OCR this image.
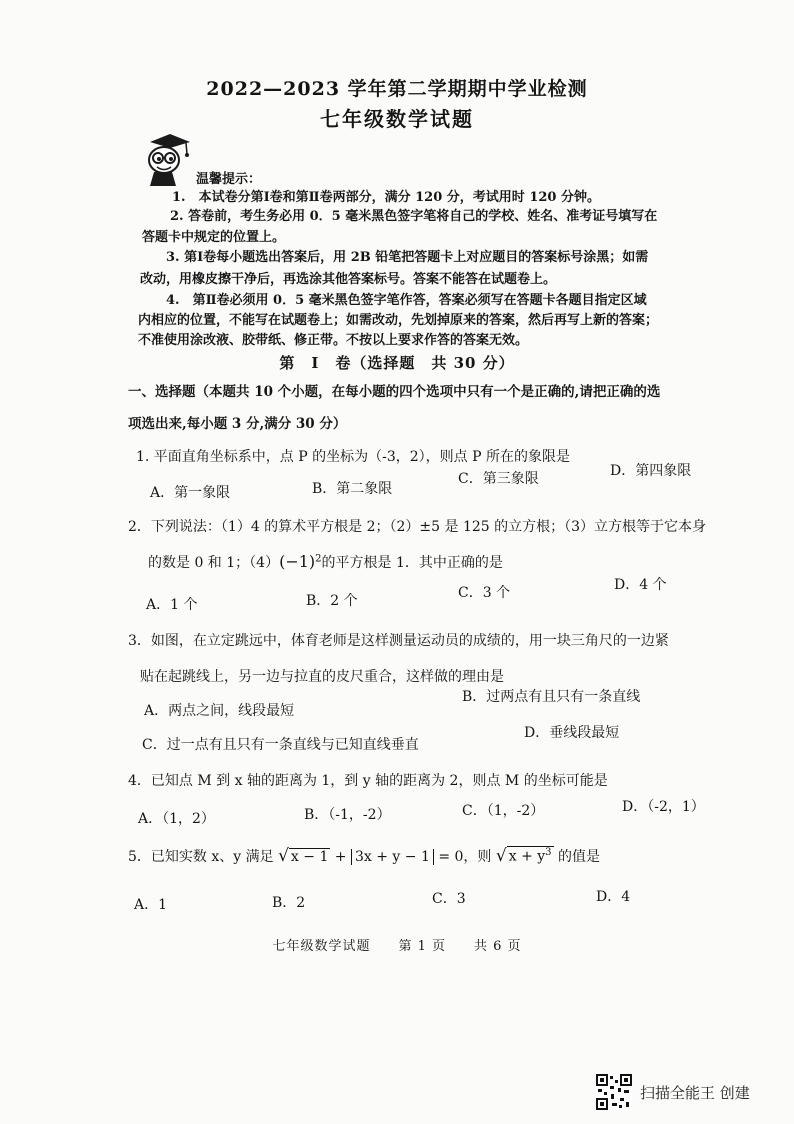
2022—2023 学年第二学期期中学业检测
七年级数学试题
温馨提示：
1.　本试卷分第Ⅰ卷和第Ⅱ卷两部分，满分 120 分，考试用时 120 分钟。
2. 答卷前，考生务必用 0．5 毫米黑色签字笔将自己的学校、姓名、准考证号填写在
答题卡中规定的位置上。
3. 第Ⅰ卷每小题选出答案后，用 2B 铅笔把答题卡上对应题目的答案标号涂黑；如需
改动，用橡皮擦干净后，再选涂其他答案标号。答案不能答在试题卷上。
4.　第Ⅱ卷必须用 0．5 毫米黑色签字笔作答，答案必须写在答题卡各题目指定区域
内相应的位置，不能写在试题卷上；如需改动，先划掉原来的答案，然后再写上新的答案；
第　Ⅰ　卷（选择题　共 30 分）
不准使用涂改液、胶带纸、修正带。不按以上要求作答的答案无效。
一、选择题（本题共 10 个小题，在每小题的四个选项中只有一个是正确的,请把正确的选
项选出来,每小题 3 分,满分 30 分）
1. 平面直角坐标系中，点 P 的坐标为（-3，2），则点 P 所在的象限是
A．第一象限	B．第二象限
C．第三象限	D．第四象限
2．下列说法：（1）4 的算术平方根是 2；（2）±5 是 125 的立方根；（3）立方根等于它本身
的数是 0 和 1；$(4)(-1)^2$的平方根是 1．其中正确的是
A．1 个	B．2 个	C．3 个	D．4 个
3．如图，在立定跳远中，体育老师是这样测量运动员的成绩的，用一块三角尺的一边紧
贴在起跳线上，另一边与拉直的皮尺重合，这样做的理由是
A．两点之间，线段最短
B．过两点有且只有一条直线
C．过一点有且只有一条直线与已知直线垂直
D．垂线段最短
4．已知点 M 到 x 轴的距离为 1，到 y 轴的距离为 2，则点 M 的坐标可能是
A．（1，2）	B．（-1，-2）	C．（1，-2）	D．（-2，1）
5．已知实数 x、y 满足 √ x − 1 + 3x + y − 1 = 0，则 √ $x + y^3$ 的值是
A．1	B．2	C．3	D．4
七年级数学试题　　第 1 页　　共 6 页
扫描全能王 创建
